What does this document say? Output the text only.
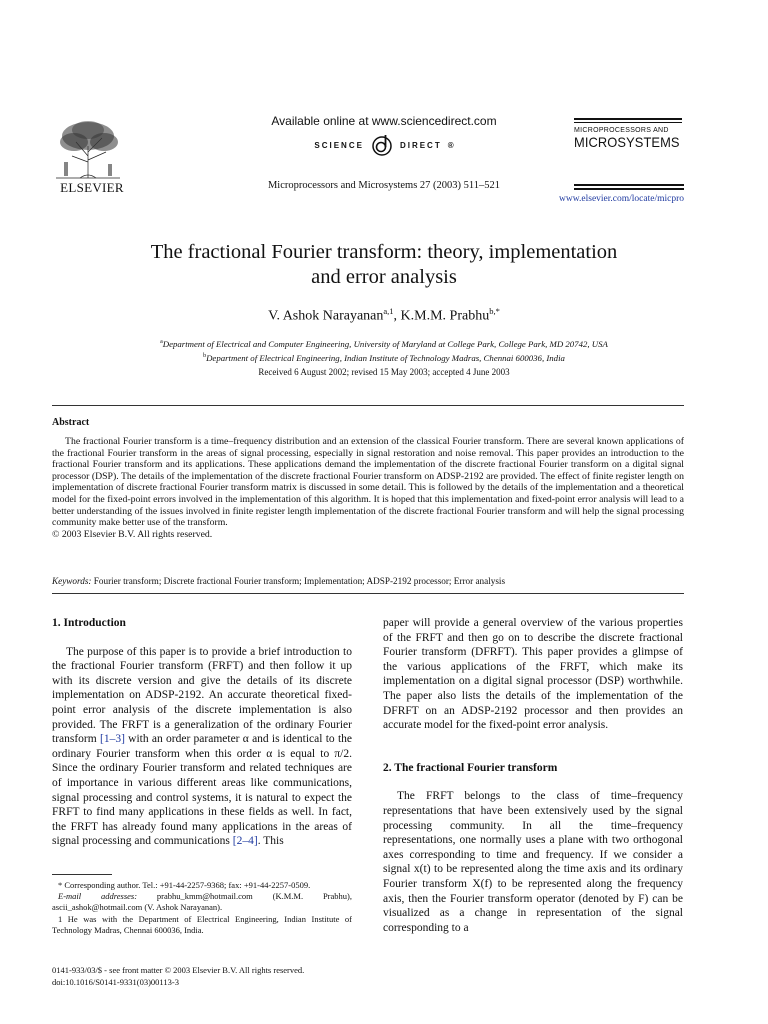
ELSEVIER
Available online at www.sciencedirect.com
SCIENCE	DIRECT ®
Microprocessors and Microsystems 27 (2003) 511–521
MICROPROCESSORS AND
MICROSYSTEMS
www.elsevier.com/locate/micpro
The fractional Fourier transform: theory, implementation
and error analysis
V. Ashok Narayanan$^{a,1}$, K.M.M. Prabhu$^{b,*}$
$^a$Department of Electrical and Computer Engineering, University of Maryland at College Park, College Park, MD 20742, USA
$^b$Department of Electrical Engineering, Indian Institute of Technology Madras, Chennai 600036, India
Received 6 August 2002; revised 15 May 2003; accepted 4 June 2003
Abstract

The fractional Fourier transform is a time–frequency distribution and an extension of the classical Fourier transform. There are several known applications of the fractional Fourier transform in the areas of signal processing, especially in signal restoration and noise removal. This paper provides an introduction to the fractional Fourier transform and its applications. These applications demand the implementation of the discrete fractional Fourier transform on a digital signal processor (DSP). The details of the implementation of the discrete fractional Fourier transform on ADSP-2192 are provided. The effect of finite register length on implementation of discrete fractional Fourier transform matrix is discussed in some detail. This is followed by the details of the implementation and a theoretical model for the fixed-point errors involved in the implementation of this algorithm. It is hoped that this implementation and fixed-point error analysis will lead to a better understanding of the issues involved in finite register length implementation of the discrete fractional Fourier transform and will help the signal processing community make better use of the transform.

© 2003 Elsevier B.V. All rights reserved.
Keywords: Fourier transform; Discrete fractional Fourier transform; Implementation; ADSP-2192 processor; Error analysis
1. Introduction

The purpose of this paper is to provide a brief introduction to the fractional Fourier transform (FRFT) and then follow it up with its discrete version and give the details of its discrete implementation on ADSP-2192. An accurate theoretical fixed-point error analysis of the discrete implementation is also provided. The FRFT is a generalization of the ordinary Fourier transform [1–3] with an order parameter α and is identical to the ordinary Fourier transform when this order α is equal to π/2. Since the ordinary Fourier transform and related techniques are of importance in various different areas like communications, signal processing and control systems, it is natural to expect the FRFT to find many applications in these fields as well. In fact, the FRFT has already found many applications in the areas of signal processing and communications [2–4]. This

* Corresponding author. Tel.: +91-44-2257-9368; fax: +91-44-2257-0509.

E-mail addresses: prabhu_kmm@hotmail.com (K.M.M. Prabhu), ascii_ashok@hotmail.com (V. Ashok Narayanan).

1 He was with the Department of Electrical Engineering, Indian Institute of Technology Madras, Chennai 600036, India.

0141-933/03/$ - see front matter © 2003 Elsevier B.V. All rights reserved.
doi:10.1016/S0141-9331(03)00113-3

paper will provide a general overview of the various properties of the FRFT and then go on to describe the discrete fractional Fourier transform (DFRFT). This paper provides a glimpse of the various applications of the FRFT, which make its implementation on a digital signal processor (DSP) worthwhile. The paper also lists the details of the implementation of the DFRFT on an ADSP-2192 processor and then provides an accurate model for the fixed-point error analysis.

2. The fractional Fourier transform

The FRFT belongs to the class of time–frequency representations that have been extensively used by the signal processing community. In all the time–frequency representations, one normally uses a plane with two orthogonal axes corresponding to time and frequency. If we consider a signal x(t) to be represented along the time axis and its ordinary Fourier transform X(f) to be represented along the frequency axis, then the Fourier transform operator (denoted by F) can be visualized as a change in representation of the signal corresponding to a
